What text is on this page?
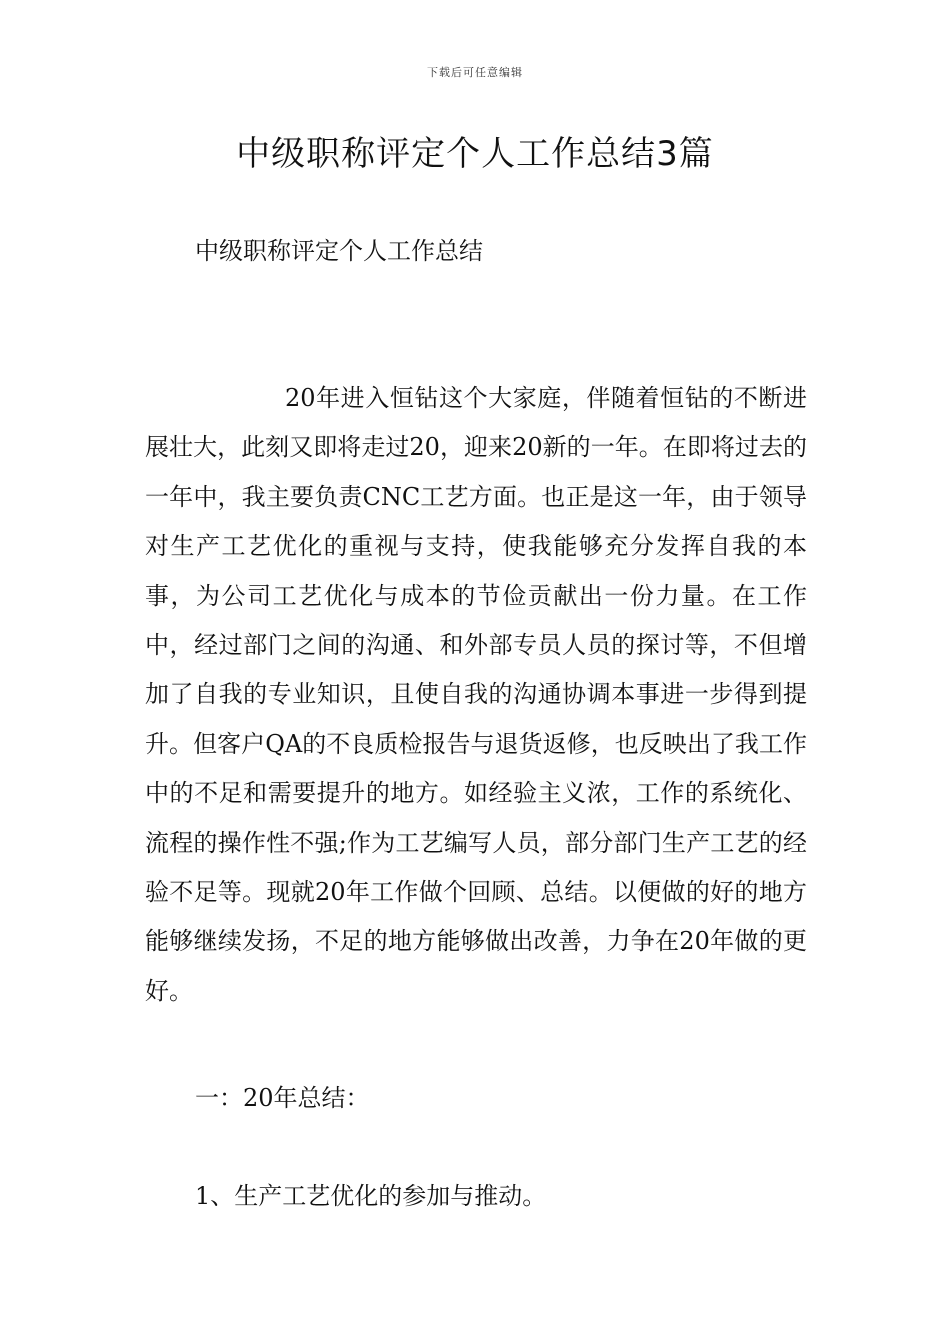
下载后可任意编辑
中级职称评定个人工作总结3篇

中级职称评定个人工作总结

20年进入恒钻这个大家庭，伴随着恒钻的不断进展壮大，此刻又即将走过20，迎来20新的一年。在即将过去的一年中，我主要负责CNC工艺方面。也正是这一年，由于领导对生产工艺优化的重视与支持，使我能够充分发挥自我的本事，为公司工艺优化与成本的节俭贡献出一份力量。在工作中，经过部门之间的沟通、和外部专员人员的探讨等，不但增加了自我的专业知识，且使自我的沟通协调本事进一步得到提升。但客户QA的不良质检报告与退货返修，也反映出了我工作中的不足和需要提升的地方。如经验主义浓，工作的系统化、流程的操作性不强;作为工艺编写人员，部分部门生产工艺的经验不足等。现就20年工作做个回顾、总结。以便做的好的地方能够继续发扬，不足的地方能够做出改善，力争在20年做的更好。

一：20年总结：

1、生产工艺优化的参加与推动。
